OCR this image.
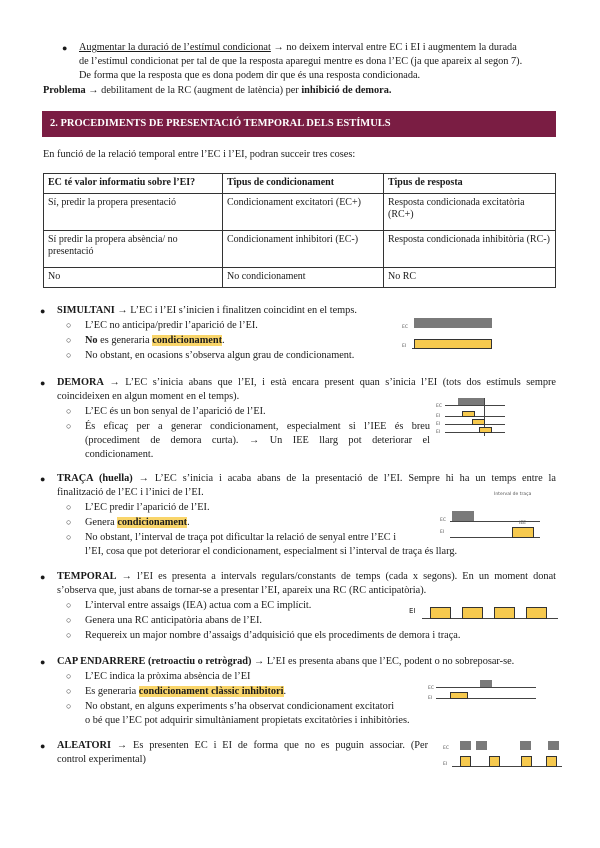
● Augmentar la duració de l’estímul condicionat → no deixem interval entre EC i EI i augmentem la durada
de l’estímul condicionat per tal de que la resposta aparegui mentre es dona l’EC (ja que apareix al segon 7).
De forma que la resposta que es dona podem dir que és una resposta condicionada.
Problema → debilitament de la RC (augment de latència) per inhibició de demora.
2. PROCEDIMENTS DE PRESENTACIÓ TEMPORAL DELS ESTÍMULS
En funció de la relació temporal entre l’EC i l’EI, podran succeir tres coses:
EC té valor informatiu sobre l’EI?	Tipus de condicionament	Tipus de resposta
Sí, predir la propera presentació	Condicionament excitatori (EC+)	Resposta condicionada excitatòria (RC+)
Sí predir la propera absència/ no presentació	Condicionament inhibitori (EC-)	Resposta condicionada inhibitòria (RC-)
No	No condicionament	No RC
● SIMULTANI → L’EC i l’EI s’inicien i finalitzen coincidint en el temps.
○ L’EC no anticipa/predir l’aparició de l’EI.
○ No es generaria condicionament.
○ No obstant, en ocasions s’observa algun grau de condicionament.
EC
EI
● DEMORA → L’EC s’inicia abans que l’EI, i està encara present quan s’inicia l’EI (tots dos estímuls sempre
coincideixen en algun moment en el temps).
○ L’EC és un bon senyal de l’aparició de l’EI.
○ És eficaç per a generar condicionament, especialment si l’IEE és breu
(procediment de demora curta). → Un IEE llarg pot deteriorar el
condicionament.
EC
EI
EI
EI
● TRAÇA (huella) → L’EC s’inicia i acaba abans de la presentació de l’EI. Sempre hi ha un temps entre la
finalització de l’EC i l’inici de l’EI.
○ L’EC predir l’aparició de l’EI.
○ Genera condicionament.
○ No obstant, l’interval de traça pot dificultar la relació de senyal entre l’EC i
l’EI, cosa que pot deteriorar el condicionament, especialment si l’interval de traça és llarg.
Interval de traça
EC
EI
IEE
● TEMPORAL → l’EI es presenta a intervals regulars/constants de temps (cada x segons). En un moment donat
s’observa que, just abans de tornar-se a presentar l’EI, apareix una RC (RC anticipatòria).
○ L’interval entre assaigs (IEA) actua com a EC implícit.
○ Genera una RC anticipatòria abans de l’EI.
○ Requereix un major nombre d’assaigs d’adquisició que els procediments de demora i traça.
EI
● CAP ENDARRERE (retroactiu o retrògrad) → L’EI es presenta abans que l’EC, podent o no sobreposar-se.
○ L’EC indica la pròxima absència de l’EI
○ Es generaria condicionament clàssic inhibitori.
○ No obstant, en alguns experiments s’ha observat condicionament excitatori
o bé que l’EC pot adquirir simultàniament propietats excitatòries i inhibitòries.
EC
EI
● ALEATORI → Es presenten EC i EI de forma que no es puguin associar. (Per
control experimental)
EC
EI
